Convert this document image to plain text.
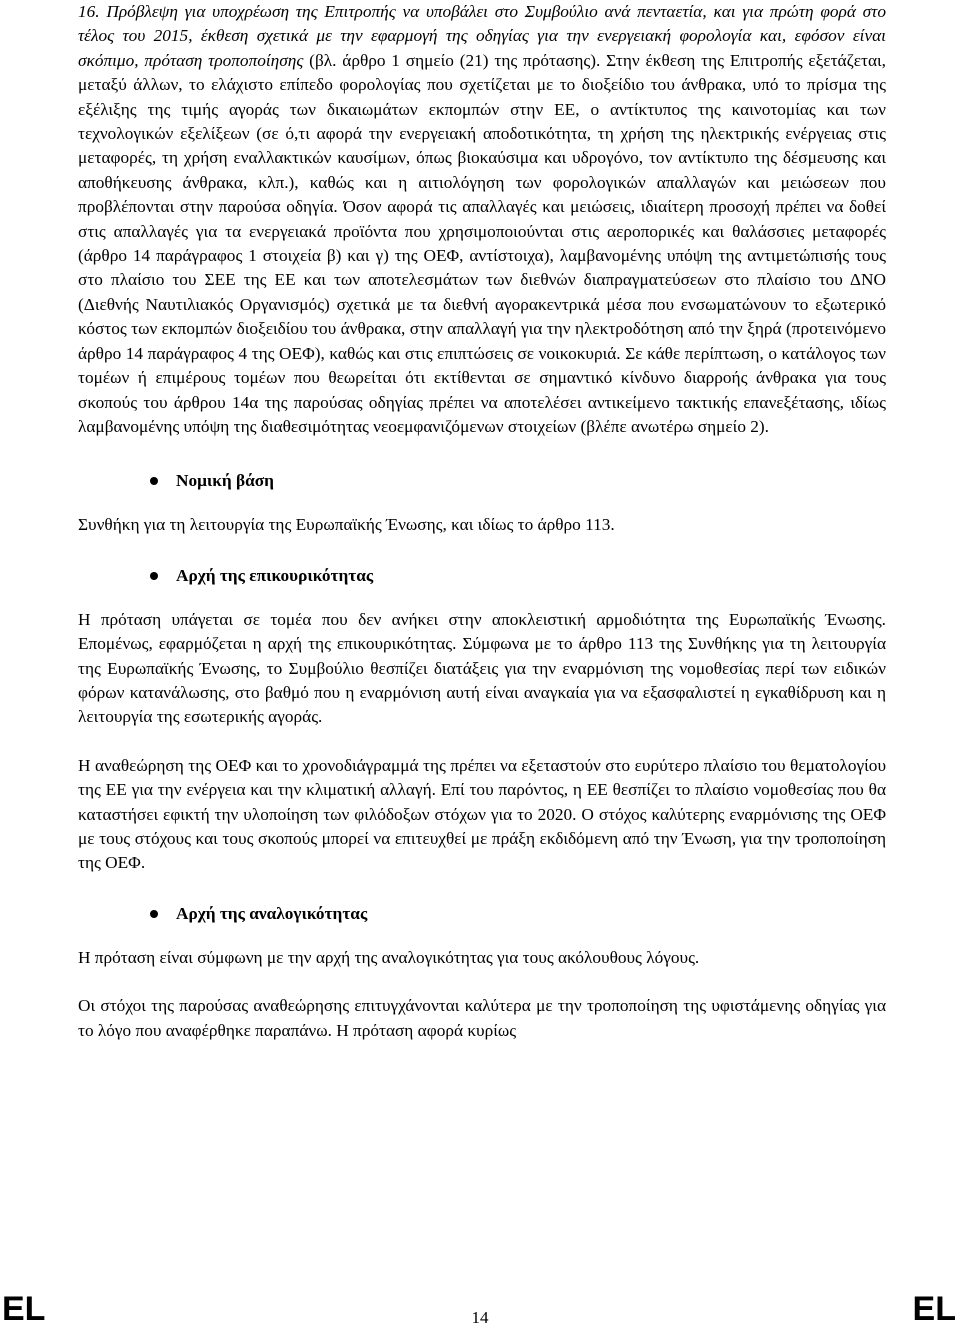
16. Πρόβλεψη για υποχρέωση της Επιτροπής να υποβάλει στο Συμβούλιο ανά πενταετία, και για πρώτη φορά στο τέλος του 2015, έκθεση σχετικά με την εφαρμογή της οδηγίας για την ενεργειακή φορολογία και, εφόσον είναι σκόπιμο, πρόταση τροποποίησης (βλ. άρθρο 1 σημείο (21) της πρότασης). Στην έκθεση της Επιτροπής εξετάζεται, μεταξύ άλλων, το ελάχιστο επίπεδο φορολογίας που σχετίζεται με το διοξείδιο του άνθρακα, υπό το πρίσμα της εξέλιξης της τιμής αγοράς των δικαιωμάτων εκπομπών στην ΕΕ, ο αντίκτυπος της καινοτομίας και των τεχνολογικών εξελίξεων (σε ό,τι αφορά την ενεργειακή αποδοτικότητα, τη χρήση της ηλεκτρικής ενέργειας στις μεταφορές, τη χρήση εναλλακτικών καυσίμων, όπως βιοκαύσιμα και υδρογόνο, τον αντίκτυπο της δέσμευσης και αποθήκευσης άνθρακα, κλπ.), καθώς και η αιτιολόγηση των φορολογικών απαλλαγών και μειώσεων που προβλέπονται στην παρούσα οδηγία. Όσον αφορά τις απαλλαγές και μειώσεις, ιδιαίτερη προσοχή πρέπει να δοθεί στις απαλλαγές για τα ενεργειακά προϊόντα που χρησιμοποιούνται στις αεροπορικές και θαλάσσιες μεταφορές (άρθρο 14 παράγραφος 1 στοιχεία β) και γ) της ΟΕΦ, αντίστοιχα), λαμβανομένης υπόψη της αντιμετώπισής τους στο πλαίσιο του ΣΕΕ της ΕΕ και των αποτελεσμάτων των διεθνών διαπραγματεύσεων στο πλαίσιο του ΔΝΟ (Διεθνής Ναυτιλιακός Οργανισμός) σχετικά με τα διεθνή αγορακεντρικά μέσα που ενσωματώνουν το εξωτερικό κόστος των εκπομπών διοξειδίου του άνθρακα, στην απαλλαγή για την ηλεκτροδότηση από την ξηρά (προτεινόμενο άρθρο 14 παράγραφος 4 της ΟΕΦ), καθώς και στις επιπτώσεις σε νοικοκυριά. Σε κάθε περίπτωση, ο κατάλογος των τομέων ή επιμέρους τομέων που θεωρείται ότι εκτίθενται σε σημαντικό κίνδυνο διαρροής άνθρακα για τους σκοπούς του άρθρου 14α της παρούσας οδηγίας πρέπει να αποτελέσει αντικείμενο τακτικής επανεξέτασης, ιδίως λαμβανομένης υπόψη της διαθεσιμότητας νεοεμφανιζόμενων στοιχείων (βλέπε ανωτέρω σημείο 2).

Νομική βάση

Συνθήκη για τη λειτουργία της Ευρωπαϊκής Ένωσης, και ιδίως το άρθρο 113.

Αρχή της επικουρικότητας

Η πρόταση υπάγεται σε τομέα που δεν ανήκει στην αποκλειστική αρμοδιότητα της Ευρωπαϊκής Ένωσης. Επομένως, εφαρμόζεται η αρχή της επικουρικότητας. Σύμφωνα με το άρθρο 113 της Συνθήκης για τη λειτουργία της Ευρωπαϊκής Ένωσης, το Συμβούλιο θεσπίζει διατάξεις για την εναρμόνιση της νομοθεσίας περί των ειδικών φόρων κατανάλωσης, στο βαθμό που η εναρμόνιση αυτή είναι αναγκαία για να εξασφαλιστεί η εγκαθίδρυση και η λειτουργία της εσωτερικής αγοράς.

Η αναθεώρηση της ΟΕΦ και το χρονοδιάγραμμά της πρέπει να εξεταστούν στο ευρύτερο πλαίσιο του θεματολογίου της ΕΕ για την ενέργεια και την κλιματική αλλαγή. Επί του παρόντος, η ΕΕ θεσπίζει το πλαίσιο νομοθεσίας που θα καταστήσει εφικτή την υλοποίηση των φιλόδοξων στόχων για το 2020. Ο στόχος καλύτερης εναρμόνισης της ΟΕΦ με τους στόχους και τους σκοπούς μπορεί να επιτευχθεί με πράξη εκδιδόμενη από την Ένωση, για την τροποποίηση της ΟΕΦ.

Αρχή της αναλογικότητας

Η πρόταση είναι σύμφωνη με την αρχή της αναλογικότητας για τους ακόλουθους λόγους.

Οι στόχοι της παρούσας αναθεώρησης επιτυγχάνονται καλύτερα με την τροποποίηση της υφιστάμενης οδηγίας για το λόγο που αναφέρθηκε παραπάνω. Η πρόταση αφορά κυρίως

EL	14	EL
